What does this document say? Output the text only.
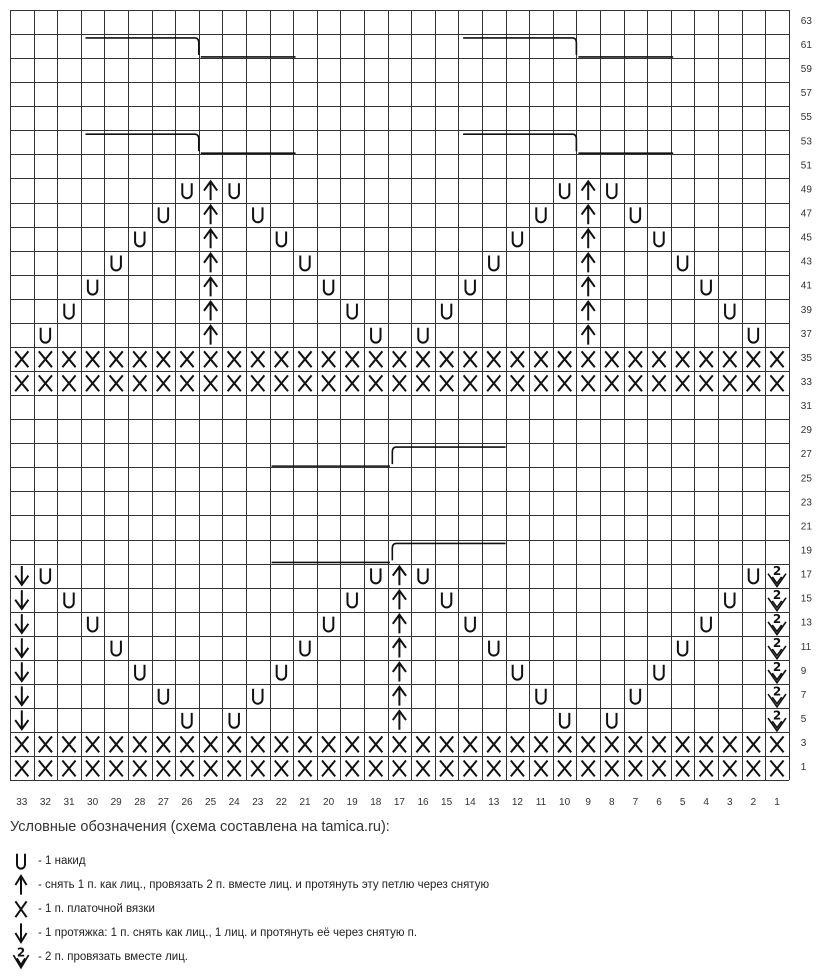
2
2
2
2
2
2
2
63
61
59
57
55
53
51
49
47
45
43
41
39
37
35
33
31
29
27
25
23
21
19
17
15
13
11
9
7
5
3
1
33 32 31 30 29 28 27 26 25 24 23 22 21 20 19 18 17 16 15 14 13 12 11 10 9 8 7 6 5 4 3 2 1
Условные обозначения (схема составлена на tamica.ru):
- 1 накид
- снять 1 п. как лиц., провязать 2 п. вместе лиц. и протянуть эту петлю через снятую
- 1 п. платочной вязки
- 1 протяжка: 1 п. снять как лиц., 1 лиц. и протянуть её через снятую п.
2 - 2 п. провязать вместе лиц.
